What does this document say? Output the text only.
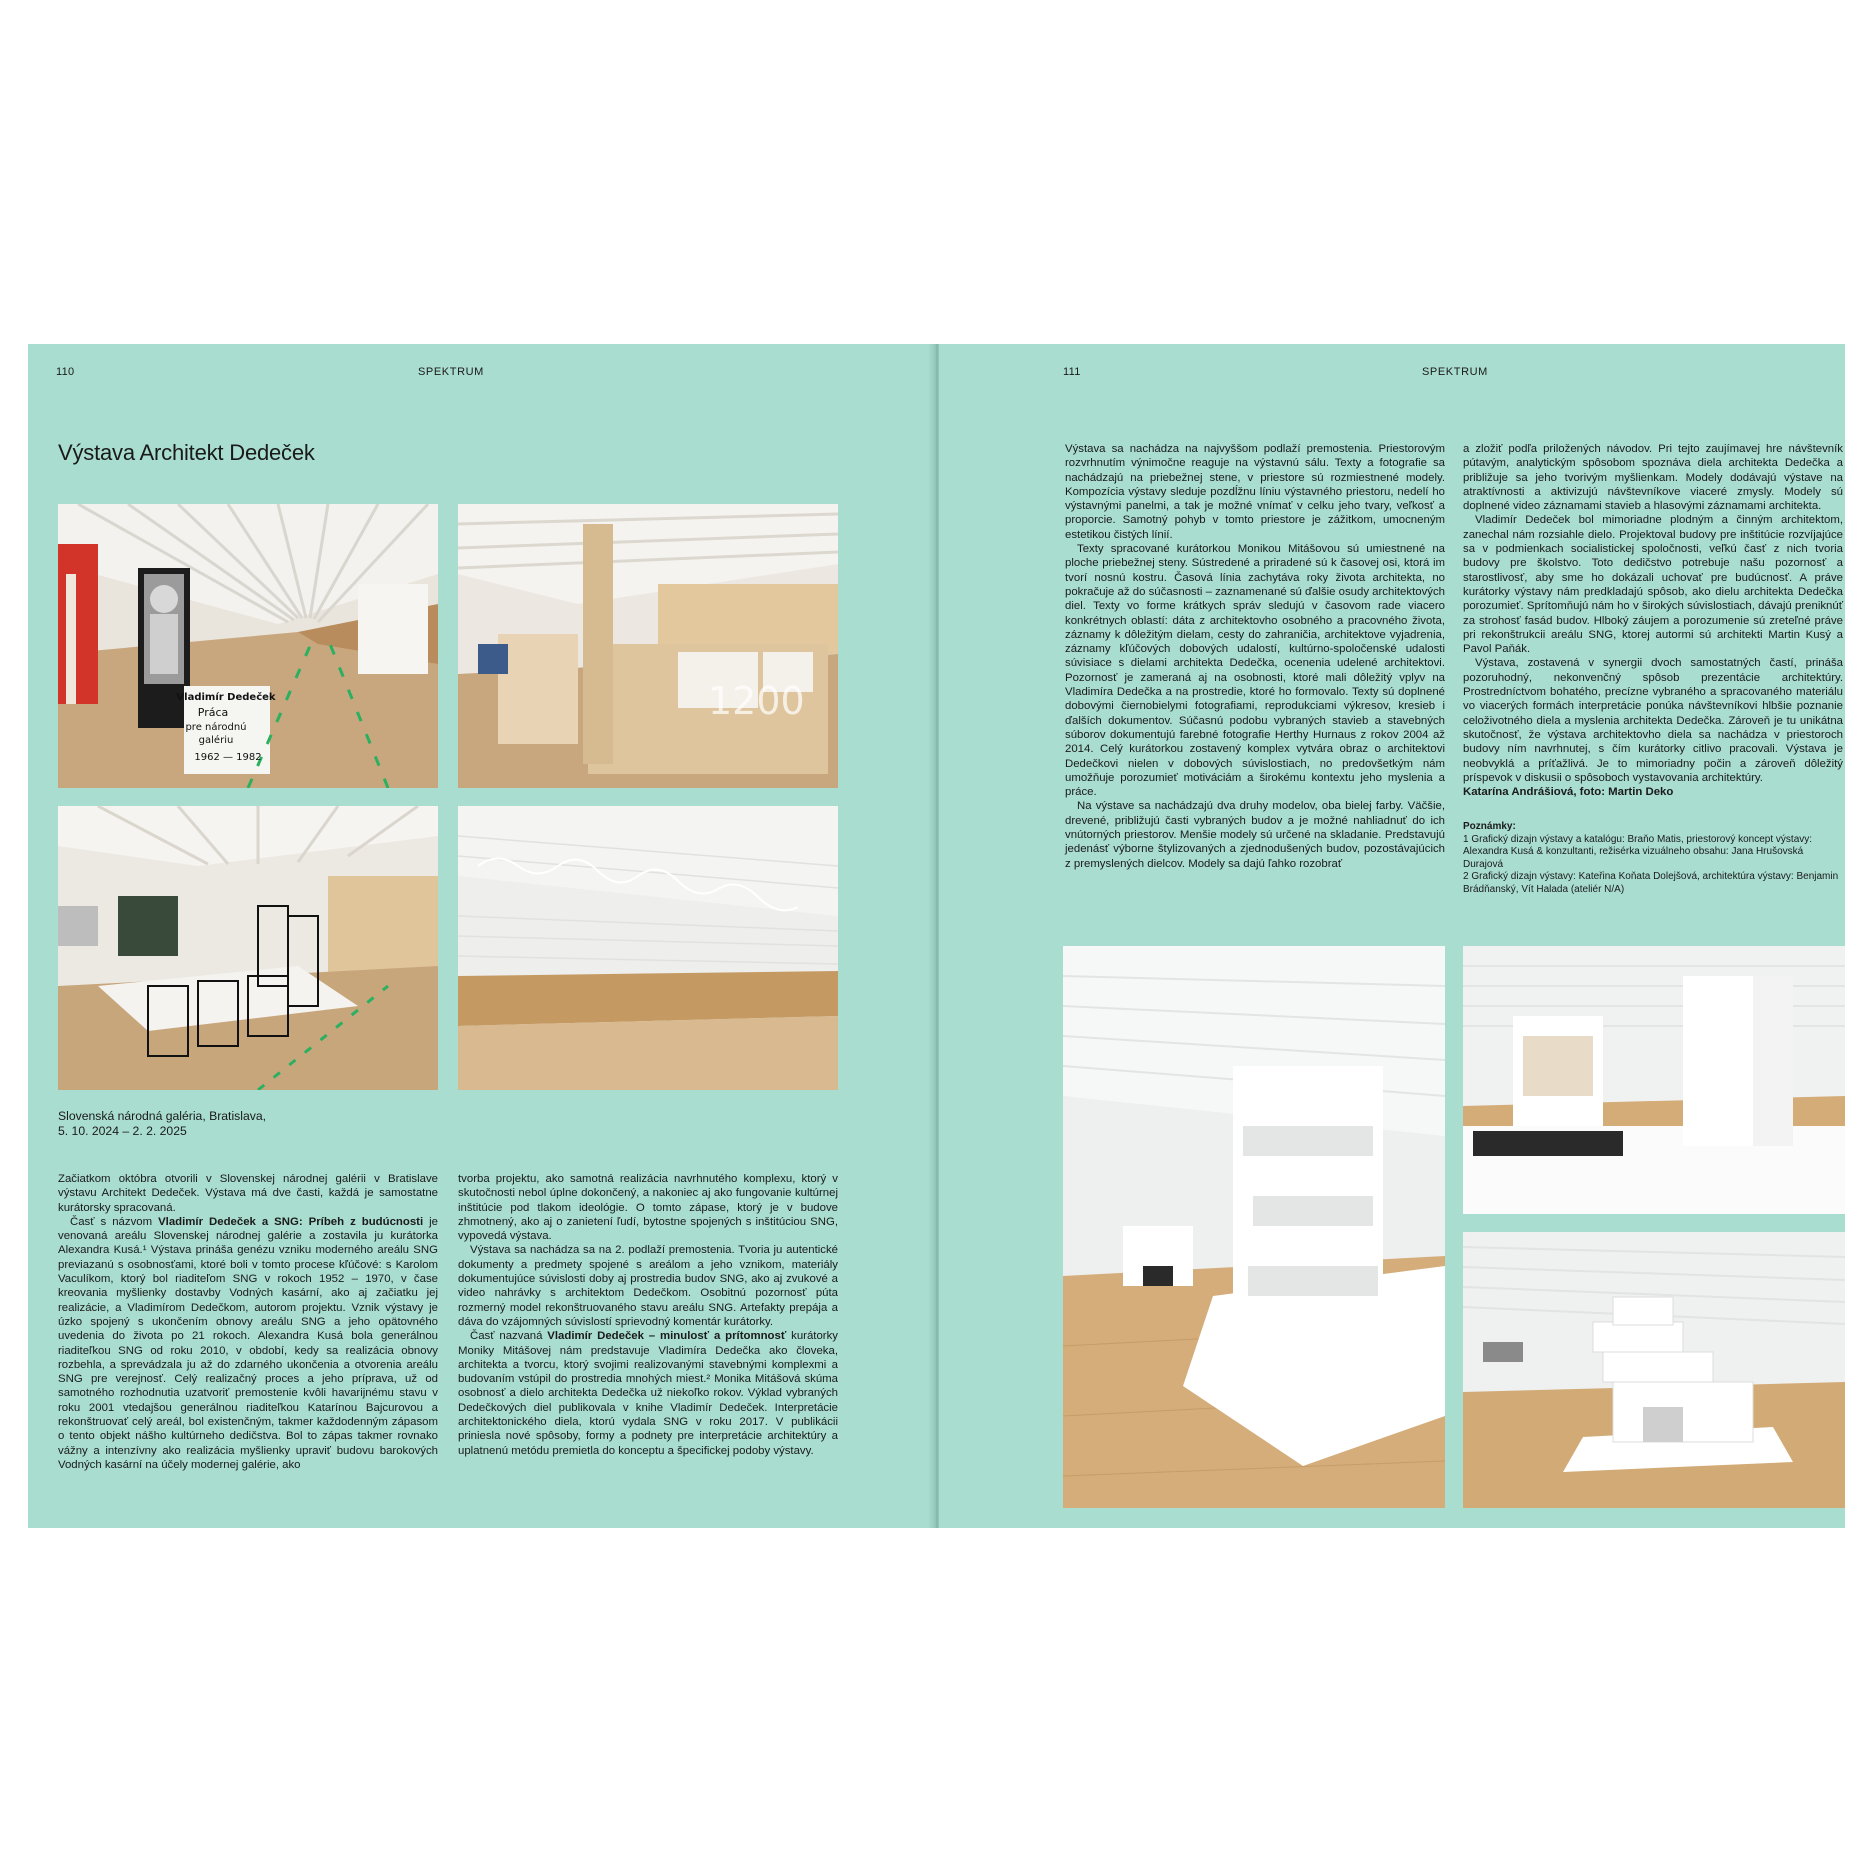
110	SPEKTRUM
Výstava Architekt Dedeček
Vladimír Dedeček
Práca
pre národnú
galériu
1962 — 1982
1200
Slovenská národná galéria, Bratislava,
5. 10. 2024 – 2. 2. 2025

Začiatkom októbra otvorili v Slovenskej národnej galérii v Bratislave výstavu Architekt Dedeček. Výstava má dve časti, každá je samostatne kurátorsky spracovaná.

Časť s názvom Vladimír Dedeček a SNG: Príbeh z budúcnosti je venovaná areálu Slovenskej národnej galérie a zostavila ju kurátorka Alexandra Kusá.¹ Výstava prináša genézu vzniku moderného areálu SNG previazanú s osobnosťami, ktoré boli v tomto procese kľúčové: s Karolom Vaculíkom, ktorý bol riaditeľom SNG v rokoch 1952 – 1970, v čase kreovania myšlienky dostavby Vodných kasární, ako aj začiatku jej realizácie, a Vladimírom Dedečkom, autorom projektu. Vznik výstavy je úzko spojený s ukončením obnovy areálu SNG a jeho opätovného uvedenia do života po 21 rokoch. Alexandra Kusá bola generálnou riaditeľkou SNG od roku 2010, v období, kedy sa realizácia obnovy rozbehla, a sprevádzala ju až do zdarného ukončenia a otvorenia areálu SNG pre verejnosť. Celý realizačný proces a jeho príprava, už od samotného rozhodnutia uzatvoriť premostenie kvôli havarijnému stavu v roku 2001 vtedajšou generálnou riaditeľkou Katarínou Bajcurovou a rekonštruovať celý areál, bol existenčným, takmer každodenným zápasom o tento objekt nášho kultúrneho dedičstva. Bol to zápas takmer rovnako vážny a intenzívny ako realizácia myšlienky upraviť budovu barokových Vodných kasární na účely modernej galérie, ako

tvorba projektu, ako samotná realizácia navrhnutého komplexu, ktorý v skutočnosti nebol úplne dokončený, a nakoniec aj ako fungovanie kultúrnej inštitúcie pod tlakom ideológie. O tomto zápase, ktorý je v budove zhmotnený, ako aj o zanietení ľudí, bytostne spojených s inštitúciou SNG, vypovedá výstava.

Výstava sa nachádza sa na 2. podlaží premostenia. Tvoria ju autentické dokumenty a predmety spojené s areálom a jeho vznikom, materiály dokumentujúce súvislosti doby aj prostredia budov SNG, ako aj zvukové a video nahrávky s architektom Dedečkom. Osobitnú pozornosť púta rozmerný model rekonštruovaného stavu areálu SNG. Artefakty prepája a dáva do vzájomných súvislostí sprievodný komentár kurátorky.

Časť nazvaná Vladimír Dedeček – minulosť a prítomnosť kurátorky Moniky Mitášovej nám predstavuje Vladimíra Dedečka ako človeka, architekta a tvorcu, ktorý svojimi realizovanými stavebnými komplexmi a budovaním vstúpil do prostredia mnohých miest.² Monika Mitášová skúma osobnosť a dielo architekta Dedečka už niekoľko rokov. Výklad vybraných Dedečkových diel publikovala v knihe Vladimír Dedeček. Interpretácie architektonického diela, ktorú vydala SNG v roku 2017. V publikácii priniesla nové spôsoby, formy a podnety pre interpretácie architektúry a uplatnenú metódu premietla do konceptu a špecifickej podoby výstavy.

111	SPEKTRUM

Výstava sa nachádza na najvyššom podlaží premostenia. Priestorovým rozvrhnutím výnimočne reaguje na výstavnú sálu. Texty a fotografie sa nachádzajú na priebežnej stene, v priestore sú rozmiestnené modely. Kompozícia výstavy sleduje pozdĺžnu líniu výstavného priestoru, nedelí ho výstavnými panelmi, a tak je možné vnímať v celku jeho tvary, veľkosť a proporcie. Samotný pohyb v tomto priestore je zážitkom, umocneným estetikou čistých línií.

Texty spracované kurátorkou Monikou Mitášovou sú umiestnené na ploche priebežnej steny. Sústredené a priradené sú k časovej osi, ktorá im tvorí nosnú kostru. Časová línia zachytáva roky života architekta, no pokračuje až do súčasnosti – zaznamenané sú ďalšie osudy architektových diel. Texty vo forme krátkych správ sledujú v časovom rade viacero konkrétnych oblastí: dáta z architektovho osobného a pracovného života, záznamy k dôležitým dielam, cesty do zahraničia, architektove vyjadrenia, záznamy kľúčových dobových udalostí, kultúrno-spoločenské udalosti súvisiace s dielami architekta Dedečka, ocenenia udelené architektovi. Pozornosť je zameraná aj na osobnosti, ktoré mali dôležitý vplyv na Vladimíra Dedečka a na prostredie, ktoré ho formovalo. Texty sú doplnené dobovými čiernobielymi fotografiami, reprodukciami výkresov, kresieb i ďalších dokumentov. Súčasnú podobu vybraných stavieb a stavebných súborov dokumentujú farebné fotografie Herthy Hurnaus z rokov 2004 až 2014. Celý kurátorkou zostavený komplex vytvára obraz o architektovi Dedečkovi nielen v dobových súvislostiach, no predovšetkým nám umožňuje porozumieť motiváciám a širokému kontextu jeho myslenia a práce.

Na výstave sa nachádzajú dva druhy modelov, oba bielej farby. Väčšie, drevené, približujú časti vybraných budov a je možné nahliadnuť do ich vnútorných priestorov. Menšie modely sú určené na skladanie. Predstavujú jedenásť výborne štylizovaných a zjednodušených budov, pozostávajúcich z premyslených dielcov. Modely sa dajú ľahko rozobrať

a zložiť podľa priložených návodov. Pri tejto zaujímavej hre návštevník pútavým, analytickým spôsobom spoznáva diela architekta Dedečka a približuje sa jeho tvorivým myšlienkam. Modely dodávajú výstave na atraktívnosti a aktivizujú návštevníkove viaceré zmysly. Modely sú doplnené video záznamami stavieb a hlasovými záznamami architekta.

Vladimír Dedeček bol mimoriadne plodným a činným architektom, zanechal nám rozsiahle dielo. Projektoval budovy pre inštitúcie rozvíjajúce sa v podmienkach socialistickej spoločnosti, veľkú časť z nich tvoria budovy pre školstvo. Toto dedičstvo potrebuje našu pozornosť a starostlivosť, aby sme ho dokázali uchovať pre budúcnosť. A práve kurátorky výstavy nám predkladajú spôsob, ako dielu architekta Dedečka porozumieť. Sprítomňujú nám ho v širokých súvislostiach, dávajú preniknúť za strohosť fasád budov. Hlboký záujem a porozumenie sú zreteľné práve pri rekonštrukcii areálu SNG, ktorej autormi sú architekti Martin Kusý a Pavol Paňák.

Výstava, zostavená v synergii dvoch samostatných častí, prináša pozoruhodný, nekonvenčný spôsob prezentácie architektúry. Prostredníctvom bohatého, precízne vybraného a spracovaného materiálu vo viacerých formách interpretácie ponúka návštevníkovi hlbšie poznanie celoživotného diela a myslenia architekta Dedečka. Zároveň je tu unikátna skutočnosť, že výstava architektovho diela sa nachádza v priestoroch budovy ním navrhnutej, s čím kurátorky citlivo pracovali. Výstava je neobvyklá a príťažlivá. Je to mimoriadny počin a zároveň dôležitý príspevok v diskusii o spôsoboch vystavovania architektúry.

Katarína Andrášiová, foto: Martin Deko
Poznámky:
1 Grafický dizajn výstavy a katalógu: Braňo Matis, priestorový koncept výstavy: Alexandra Kusá & konzultanti, režisérka vizuálneho obsahu: Jana Hrušovská Durajová
2 Grafický dizajn výstavy: Kateřina Koňata Dolejšová, architektúra výstavy: Benjamin Brádňanský, Vít Halada (ateliér N/A)
